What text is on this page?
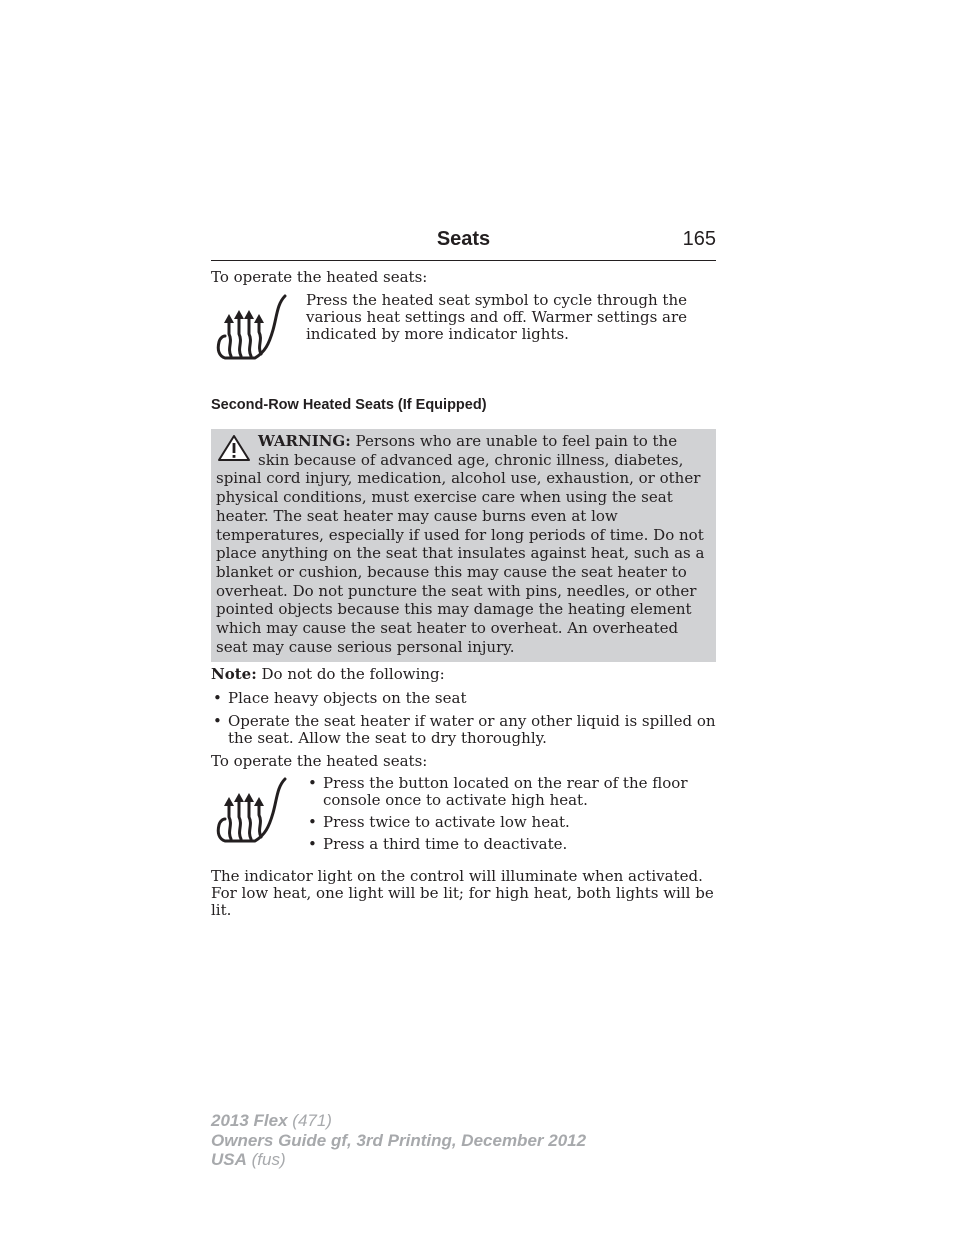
Seats	165

To operate the heated seats:

Press the heated seat symbol to cycle through the various heat settings and off. Warmer settings are indicated by more indicator lights.
Second-Row Heated Seats (If Equipped)
WARNING: Persons who are unable to feel pain to the skin because of advanced age, chronic illness, diabetes, spinal cord injury, medication, alcohol use, exhaustion, or other physical conditions, must exercise care when using the seat heater. The seat heater may cause burns even at low temperatures, especially if used for long periods of time. Do not place anything on the seat that insulates against heat, such as a blanket or cushion, because this may cause the seat heater to overheat. Do not puncture the seat with pins, needles, or other pointed objects because this may damage the heating element which may cause the seat heater to overheat. An overheated seat may cause serious personal injury.

Note: Do not do the following:

• Place heavy objects on the seat
• Operate the seat heater if water or any other liquid is spilled on the seat. Allow the seat to dry thoroughly.

To operate the heated seats:

• Press the button located on the rear of the floor console once to activate high heat.
• Press twice to activate low heat.
• Press a third time to deactivate.

The indicator light on the control will illuminate when activated. For low heat, one light will be lit; for high heat, both lights will be lit.

2013 Flex (471)
Owners Guide gf, 3rd Printing, December 2012
USA (fus)
